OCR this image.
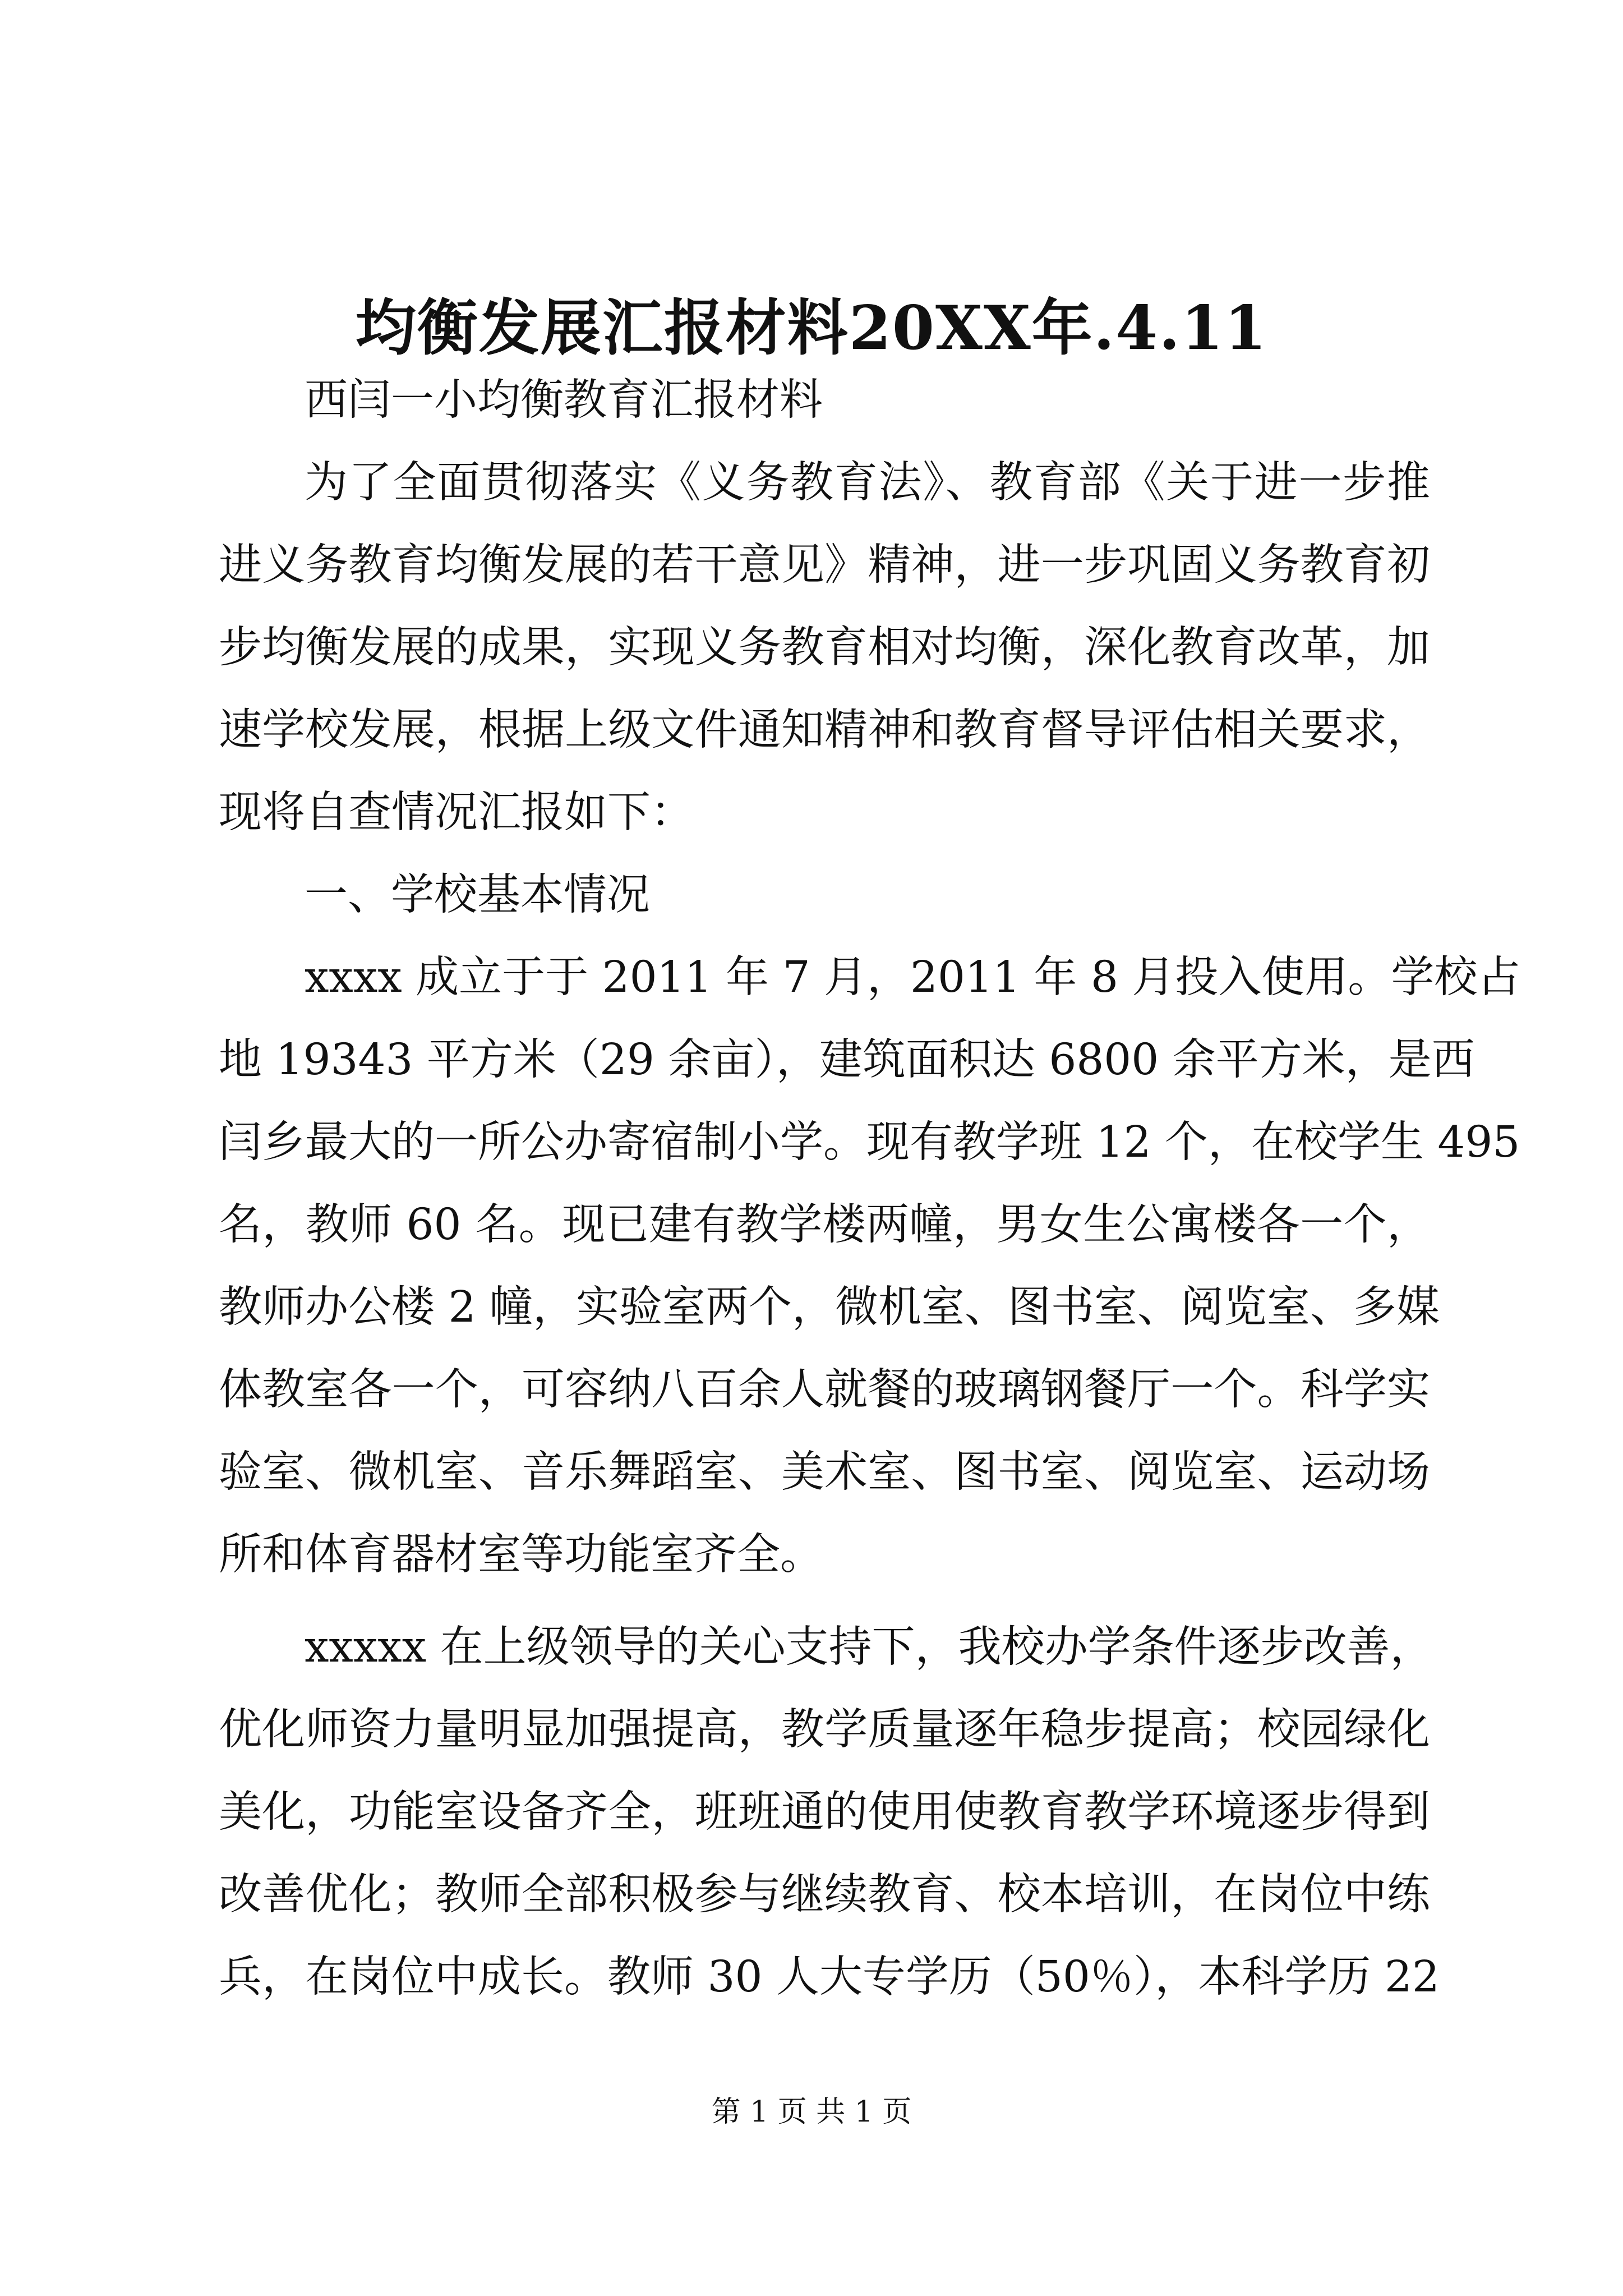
均衡发展汇报材料20XX年.4.11
西闫一小均衡教育汇报材料
为了全面贯彻落实《义务教育法》、教育部《关于进一步推
进义务教育均衡发展的若干意见》精神，进一步巩固义务教育初
步均衡发展的成果，实现义务教育相对均衡，深化教育改革，加
速学校发展，根据上级文件通知精神和教育督导评估相关要求，
现将自查情况汇报如下：
一、学校基本情况
xxxx 成立于于 2011 年 7 月，2011 年 8 月投入使用。学校占
地 19343 平方米（29 余亩），建筑面积达 6800 余平方米，是西
闫乡最大的一所公办寄宿制小学。现有教学班 12 个，在校学生 495
名，教师 60 名。现已建有教学楼两幢，男女生公寓楼各一个，
教师办公楼 2 幢，实验室两个，微机室、图书室、阅览室、多媒
体教室各一个，可容纳八百余人就餐的玻璃钢餐厅一个。科学实
验室、微机室、音乐舞蹈室、美术室、图书室、阅览室、运动场
所和体育器材室等功能室齐全。
xxxxx 在上级领导的关心支持下，我校办学条件逐步改善，
优化师资力量明显加强提高，教学质量逐年稳步提高；校园绿化
美化，功能室设备齐全，班班通的使用使教育教学环境逐步得到
改善优化；教师全部积极参与继续教育、校本培训，在岗位中练
兵，在岗位中成长。教师 30 人大专学历（50％），本科学历 22
第 1 页 共 1 页
